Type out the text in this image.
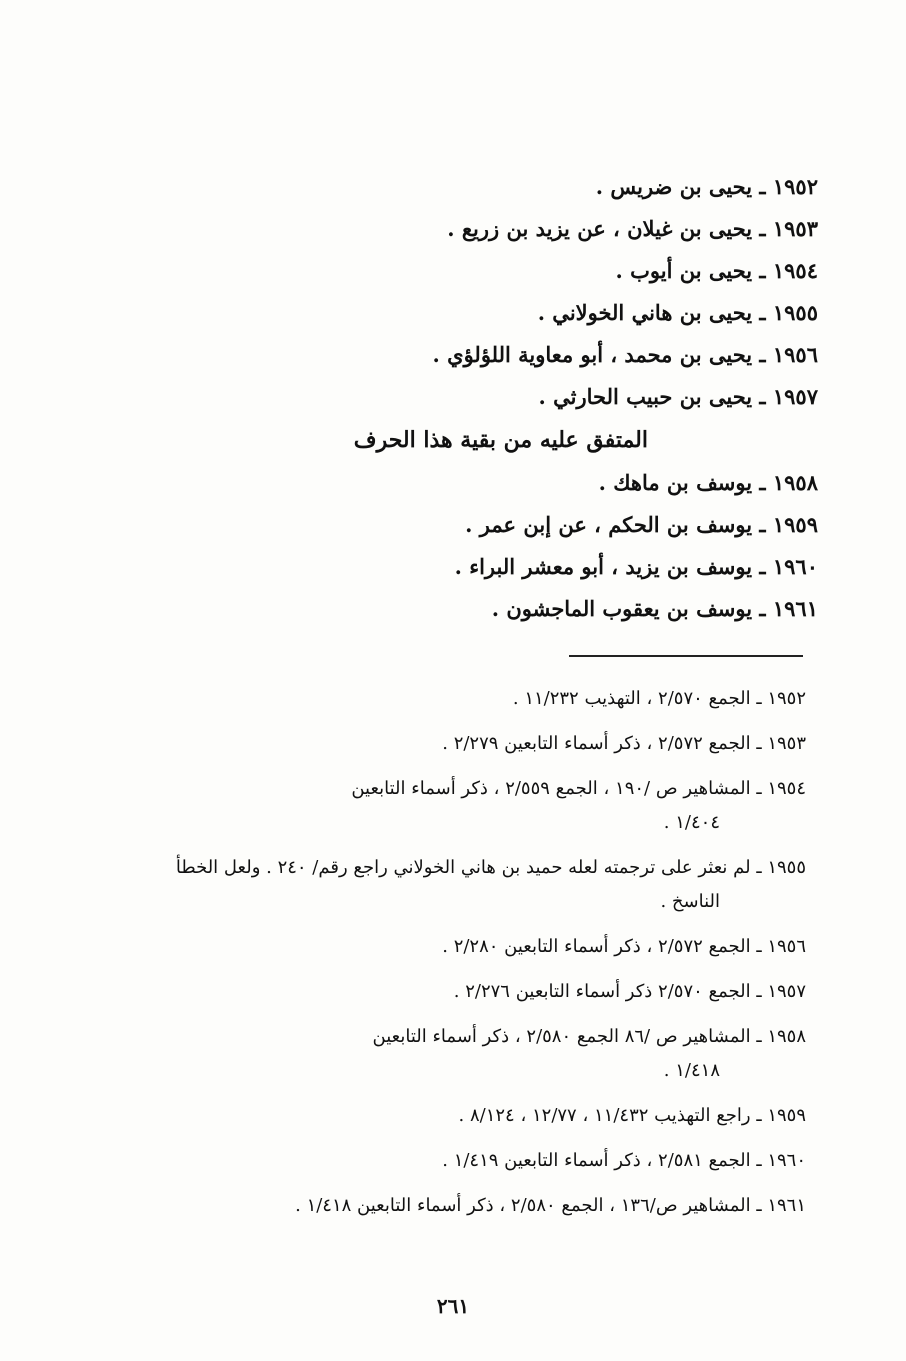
١٩٥٢ ـ يحيى بن ضريس .
١٩٥٣ ـ يحيى بن غيلان ، عن يزيد بن زريع .
١٩٥٤ ـ يحيى بن أيوب .
١٩٥٥ ـ يحيى بن هاني الخولاني .
١٩٥٦ ـ يحيى بن محمد ، أبو معاوية اللؤلؤي .
١٩٥٧ ـ يحيى بن حبيب الحارثي .
المتفق عليه من بقية هذا الحرف
١٩٥٨ ـ يوسف بن ماهك .
١٩٥٩ ـ يوسف بن الحكم ، عن إبن عمر .
١٩٦٠ ـ يوسف بن يزيد ، أبو معشر البراء .
١٩٦١ ـ يوسف بن يعقوب الماجشون .
١٩٥٢ ـ الجمع ٢/٥٧٠ ، التهذيب ١١/٢٣٢ .
١٩٥٣ ـ الجمع ٢/٥٧٢ ، ذكر أسماء التابعين ٢/٢٧٩ .
١٩٥٤ ـ المشاهير ص /١٩٠ ، الجمع ٢/٥٥٩ ، ذكر أسماء التابعين
١/٤٠٤ .
١٩٥٥ ـ لم نعثر على ترجمته لعله حميد بن هاني الخولاني راجع رقم/ ٢٤٠ . ولعل الخطأ
الناسخ .
١٩٥٦ ـ الجمع ٢/٥٧٢ ، ذكر أسماء التابعين ٢/٢٨٠ .
١٩٥٧ ـ الجمع ٢/٥٧٠ ذكر أسماء التابعين ٢/٢٧٦ .
١٩٥٨ ـ المشاهير ص /٨٦ الجمع ٢/٥٨٠ ، ذكر أسماء التابعين
١/٤١٨ .
١٩٥٩ ـ راجع التهذيب ١١/٤٣٢ ، ١٢/٧٧ ، ٨/١٢٤ .
١٩٦٠ ـ الجمع ٢/٥٨١ ، ذكر أسماء التابعين ١/٤١٩ .
١٩٦١ ـ المشاهير ص/١٣٦ ، الجمع ٢/٥٨٠ ، ذكر أسماء التابعين ١/٤١٨ .
٢٦١
